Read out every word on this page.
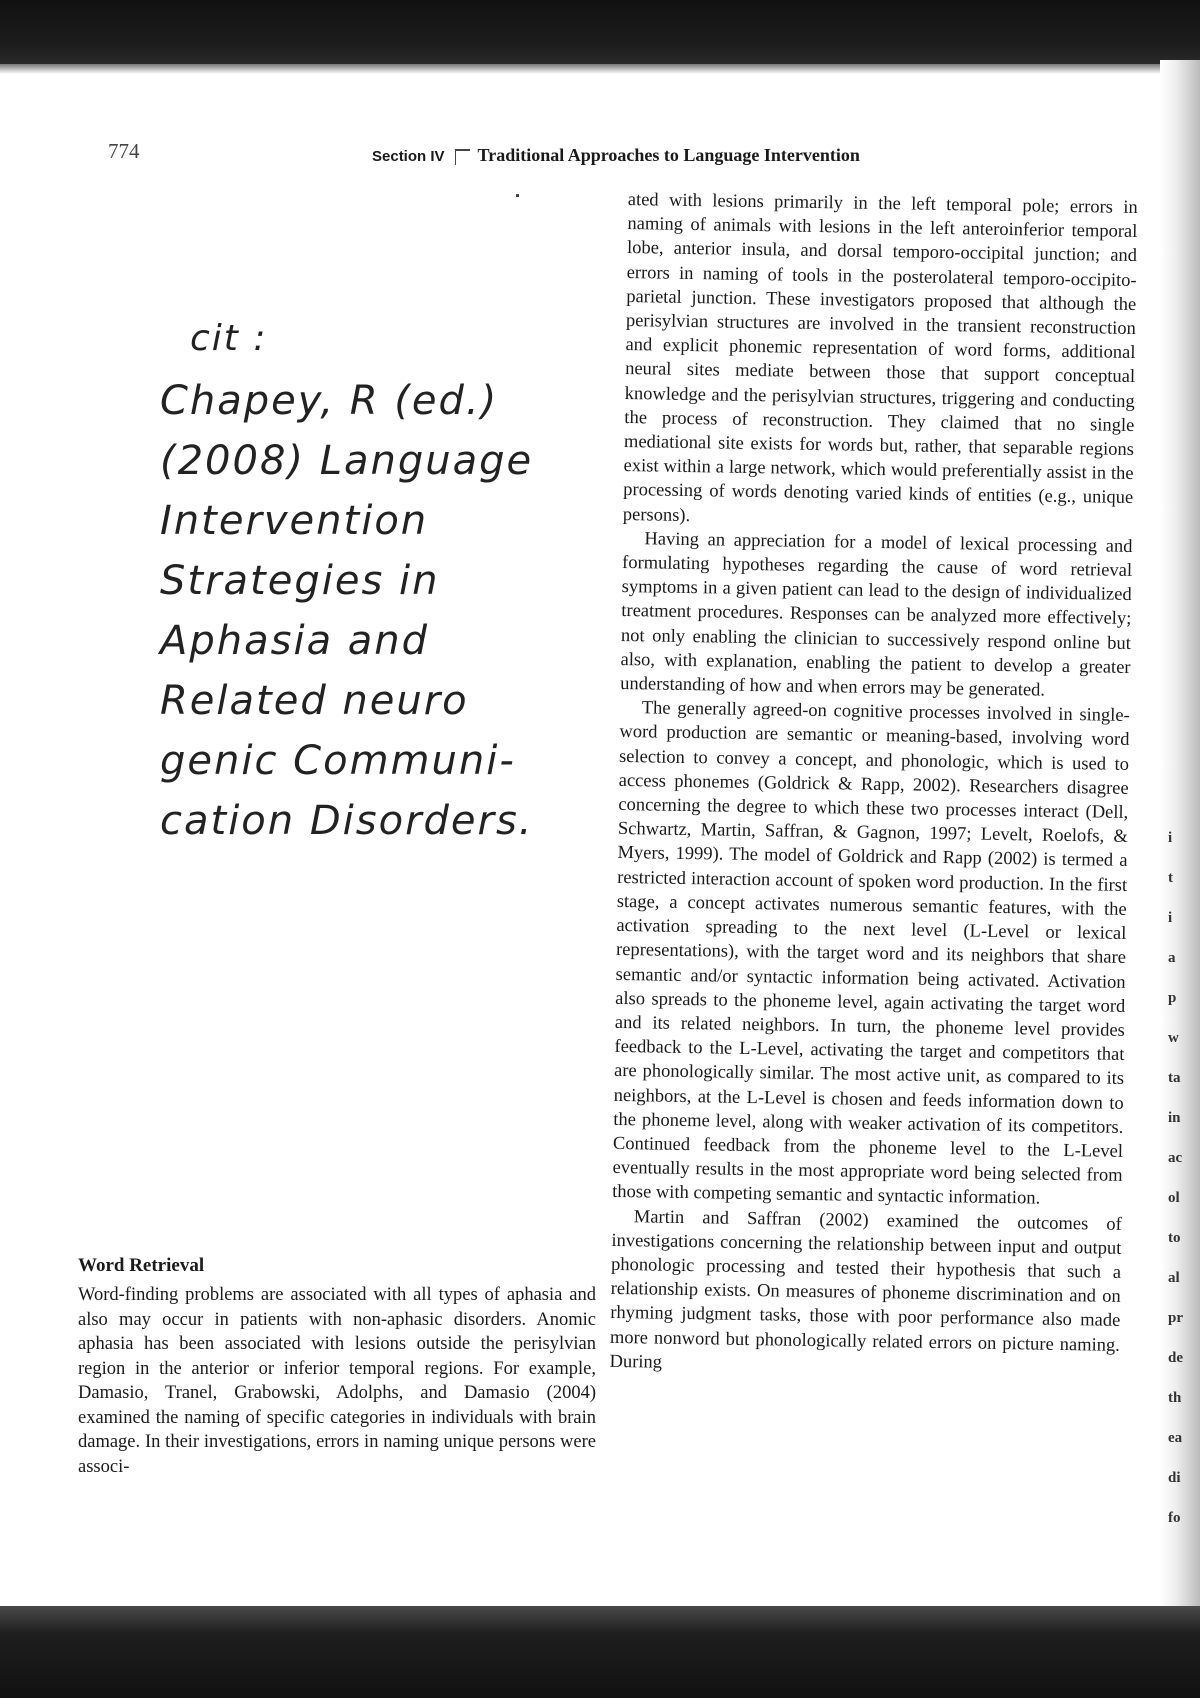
774	Section IV Traditional Approaches to Language Intervention
cit :
Chapey, R (ed.)
(2008) Language
Intervention
Strategies in
Aphasia and
Related neuro
genic Communi-
cation Disorders.
Word Retrieval

Word-finding problems are associated with all types of aphasia and also may occur in patients with non-aphasic disorders. Anomic aphasia has been associated with lesions outside the perisylvian region in the anterior or inferior temporal regions. For example, Damasio, Tranel, Grabowski, Adolphs, and Damasio (2004) examined the naming of specific categories in individuals with brain damage. In their investigations, errors in naming unique persons were associ-

ated with lesions primarily in the left temporal pole; errors in naming of animals with lesions in the left anteroinferior temporal lobe, anterior insula, and dorsal temporo-occipital junction; and errors in naming of tools in the posterolateral temporo-occipito-parietal junction. These investigators proposed that although the perisylvian structures are involved in the transient reconstruction and explicit phonemic representation of word forms, additional neural sites mediate between those that support conceptual knowledge and the perisylvian structures, triggering and conducting the process of reconstruction. They claimed that no single mediational site exists for words but, rather, that separable regions exist within a large network, which would preferentially assist in the processing of words denoting varied kinds of entities (e.g., unique persons).

Having an appreciation for a model of lexical processing and formulating hypotheses regarding the cause of word retrieval symptoms in a given patient can lead to the design of individualized treatment procedures. Responses can be analyzed more effectively; not only enabling the clinician to successively respond online but also, with explanation, enabling the patient to develop a greater understanding of how and when errors may be generated.

The generally agreed-on cognitive processes involved in single-word production are semantic or meaning-based, involving word selection to convey a concept, and phonologic, which is used to access phonemes (Goldrick & Rapp, 2002). Researchers disagree concerning the degree to which these two processes interact (Dell, Schwartz, Martin, Saffran, & Gagnon, 1997; Levelt, Roelofs, & Myers, 1999). The model of Goldrick and Rapp (2002) is termed a restricted interaction account of spoken word production. In the first stage, a concept activates numerous semantic features, with the activation spreading to the next level (L-Level or lexical representations), with the target word and its neighbors that share semantic and/or syntactic information being activated. Activation also spreads to the phoneme level, again activating the target word and its related neighbors. In turn, the phoneme level provides feedback to the L-Level, activating the target and competitors that are phonologically similar. The most active unit, as compared to its neighbors, at the L-Level is chosen and feeds information down to the phoneme level, along with weaker activation of its competitors. Continued feedback from the phoneme level to the L-Level eventually results in the most appropriate word being selected from those with competing semantic and syntactic information.

Martin and Saffran (2002) examined the outcomes of investigations concerning the relationship between input and output phonologic processing and tested their hypothesis that such a relationship exists. On measures of phoneme discrimination and on rhyming judgment tasks, those with poor performance also made more nonword but phonologically related errors on picture naming. During

i
t
i
a
p
w
ta
in
ac
ol
to
al
pr
de
th
ea
di
fo
